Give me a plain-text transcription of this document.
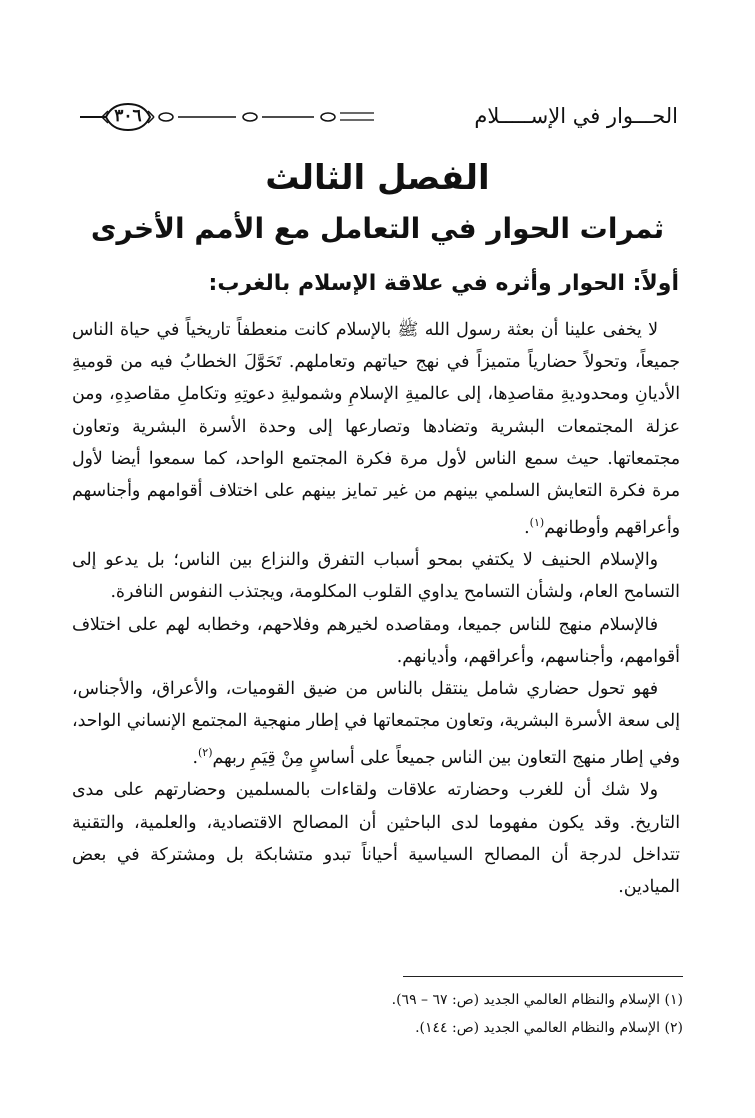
٣٠٦	الحـــوار في الإســـــلام
الفصل الثالث
ثمرات الحوار في التعامل مع الأمم الأخرى
أولاً: الحوار وأثره في علاقة الإسلام بالغرب:

لا يخفى علينا أن بعثة رسول الله ﷺ بالإسلام كانت منعطفاً تاريخياً في حياة الناس جميعاً، وتحولاً حضارياً متميزاً في نهج حياتهم وتعاملهم. تَحَوَّلَ الخطابُ فيه من قوميةِ الأديانِ ومحدوديةِ مقاصدِها، إلى عالميةِ الإسلامِ وشموليةِ دعوتِهِ وتكاملِ مقاصدِهِ، ومن عزلة المجتمعات البشرية وتضادها وتصارعها إلى وحدة الأسرة البشرية وتعاون مجتمعاتها. حيث سمع الناس لأول مرة فكرة المجتمع الواحد، كما سمعوا أيضا لأول مرة فكرة التعايش السلمي بينهم من غير تمايز بينهم على اختلاف أقوامهم وأجناسهم وأعراقهم وأوطانهم$^{(١)}$.

والإسلام الحنيف لا يكتفي بمحو أسباب التفرق والنزاع بين الناس؛ بل يدعو إلى التسامح العام، ولشأن التسامح يداوي القلوب المكلومة، ويجتذب النفوس النافرة.

فالإسلام منهج للناس جميعا، ومقاصده لخيرهم وفلاحهم، وخطابه لهم على اختلاف أقوامهم، وأجناسهم، وأعراقهم، وأديانهم.

فهو تحول حضاري شامل ينتقل بالناس من ضيق القوميات، والأعراق، والأجناس، إلى سعة الأسرة البشرية، وتعاون مجتمعاتها في إطار منهجية المجتمع الإنساني الواحد، وفي إطار منهج التعاون بين الناس جميعاً على أساسٍ مِنْ قِيَمِ ربهم$^{(٢)}$.

ولا شك أن للغرب وحضارته علاقات ولقاءات بالمسلمين وحضارتهم على مدى التاريخ. وقد يكون مفهوما لدى الباحثين أن المصالح الاقتصادية، والعلمية، والتقنية تتداخل لدرجة أن المصالح السياسية أحياناً تبدو متشابكة بل ومشتركة في بعض الميادين.

(١) الإسلام والنظام العالمي الجديد (ص: ٦٧ – ٦٩).
(٢) الإسلام والنظام العالمي الجديد (ص: ١٤٤).
